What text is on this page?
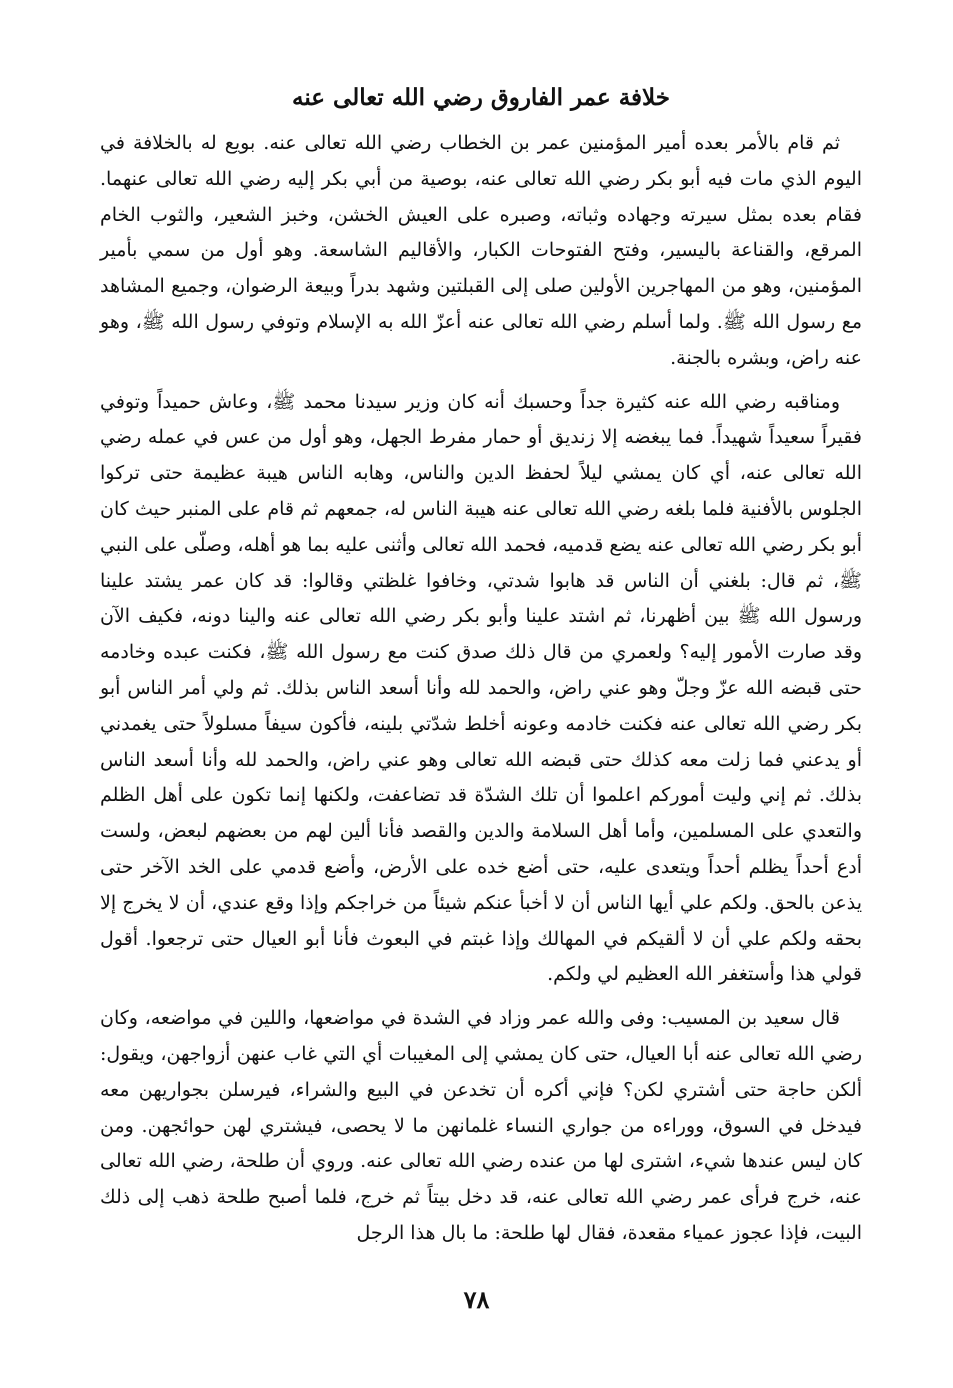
خلافة عمر الفاروق رضي الله تعالى عنه

ثم قام بالأمر بعده أمير المؤمنين عمر بن الخطاب رضي الله تعالى عنه. بويع له بالخلافة في اليوم الذي مات فيه أبو بكر رضي الله تعالى عنه، بوصية من أبي بكر إليه رضي الله تعالى عنهما. فقام بعده بمثل سيرته وجهاده وثباته، وصبره على العيش الخشن، وخبز الشعير، والثوب الخام المرقع، والقناعة باليسير، وفتح الفتوحات الكبار، والأقاليم الشاسعة. وهو أول من سمي بأمير المؤمنين، وهو من المهاجرين الأولين صلى إلى القبلتين وشهد بدراً وبيعة الرضوان، وجميع المشاهد مع رسول الله ﷺ. ولما أسلم رضي الله تعالى عنه أعزّ الله به الإسلام وتوفي رسول الله ﷺ، وهو عنه راض، وبشره بالجنة.

ومناقبه رضي الله عنه كثيرة جداً وحسبك أنه كان وزير سيدنا محمد ﷺ، وعاش حميداً وتوفي فقيراً سعيداً شهيداً. فما يبغضه إلا زنديق أو حمار مفرط الجهل، وهو أول من عس في عمله رضي الله تعالى عنه، أي كان يمشي ليلاً لحفظ الدين والناس، وهابه الناس هيبة عظيمة حتى تركوا الجلوس بالأفنية فلما بلغه رضي الله تعالى عنه هيبة الناس له، جمعهم ثم قام على المنبر حيث كان أبو بكر رضي الله تعالى عنه يضع قدميه، فحمد الله تعالى وأثنى عليه بما هو أهله، وصلّى على النبي ﷺ، ثم قال: بلغني أن الناس قد هابوا شدتي، وخافوا غلظتي وقالوا: قد كان عمر يشتد علينا ورسول الله ﷺ بين أظهرنا، ثم اشتد علينا وأبو بكر رضي الله تعالى عنه والينا دونه، فكيف الآن وقد صارت الأمور إليه؟ ولعمري من قال ذلك صدق كنت مع رسول الله ﷺ، فكنت عبده وخادمه حتى قبضه الله عزّ وجلّ وهو عني راض، والحمد لله وأنا أسعد الناس بذلك. ثم ولي أمر الناس أبو بكر رضي الله تعالى عنه فكنت خادمه وعونه أخلط شدّتي بلينه، فأكون سيفاً مسلولاً حتى يغمدني أو يدعني فما زلت معه كذلك حتى قبضه الله تعالى وهو عني راض، والحمد لله وأنا أسعد الناس بذلك. ثم إني وليت أموركم اعلموا أن تلك الشدّة قد تضاعفت، ولكنها إنما تكون على أهل الظلم والتعدي على المسلمين، وأما أهل السلامة والدين والقصد فأنا ألين لهم من بعضهم لبعض، ولست أدع أحداً يظلم أحداً ويتعدى عليه، حتى أضع خده على الأرض، وأضع قدمي على الخد الآخر حتى يذعن بالحق. ولكم علي أيها الناس أن لا أخبأ عنكم شيئاً من خراجكم وإذا وقع عندي، أن لا يخرج إلا بحقه ولكم علي أن لا ألقيكم في المهالك وإذا غبتم في البعوث فأنا أبو العيال حتى ترجعوا. أقول قولي هذا وأستغفر الله العظيم لي ولكم.

قال سعيد بن المسيب: وفى والله عمر وزاد في الشدة في مواضعها، واللين في مواضعه، وكان رضي الله تعالى عنه أبا العيال، حتى كان يمشي إلى المغيبات أي التي غاب عنهن أزواجهن، ويقول: ألكن حاجة حتى أشتري لكن؟ فإني أكره أن تخدعن في البيع والشراء، فيرسلن بجواريهن معه فيدخل في السوق، ووراءه من جواري النساء غلمانهن ما لا يحصى، فيشتري لهن حوائجهن. ومن كان ليس عندها شيء، اشترى لها من عنده رضي الله تعالى عنه. وروي أن طلحة، رضي الله تعالى عنه، خرج فرأى عمر رضي الله تعالى عنه، قد دخل بيتاً ثم خرج، فلما أصبح طلحة ذهب إلى ذلك البيت، فإذا عجوز عمياء مقعدة، فقال لها طلحة: ما بال هذا الرجل

٧٨
